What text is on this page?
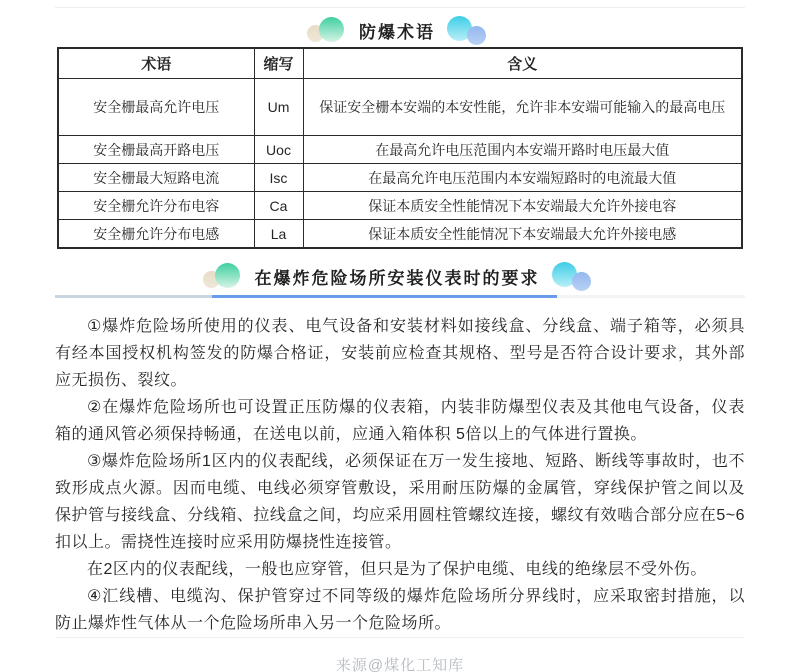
防爆术语
术语	缩写	含义
安全栅最高允许电压	Um	保证安全栅本安端的本安性能，允许非本安端可能输入的最高电压
安全栅最高开路电压	Uoc	在最高允许电压范围内本安端开路时电压最大值
安全栅最大短路电流	Isc	在最高允许电压范围内本安端短路时的电流最大值
安全栅允许分布电容	Ca	保证本质安全性能情况下本安端最大允许外接电容
安全栅允许分布电感	La	保证本质安全性能情况下本安端最大允许外接电感
在爆炸危险场所安装仪表时的要求

①爆炸危险场所使用的仪表、电气设备和安装材料如接线盒、分线盒、端子箱等，必须具有经本国授权机构签发的防爆合格证，安装前应检查其规格、型号是否符合设计要求，其外部应无损伤、裂纹。

②在爆炸危险场所也可设置正压防爆的仪表箱，内装非防爆型仪表及其他电气设备，仪表箱的通风管必须保持畅通，在送电以前，应通入箱体积 5倍以上的气体进行置换。

③爆炸危险场所1区内的仪表配线，必须保证在万一发生接地、短路、断线等事故时，也不致形成点火源。因而电缆、电线必须穿管敷设，采用耐压防爆的金属管，穿线保护管之间以及保护管与接线盒、分线箱、拉线盒之间，均应采用圆柱管螺纹连接，螺纹有效啮合部分应在5~6扣以上。需挠性连接时应采用防爆挠性连接管。

在2区内的仪表配线，一般也应穿管，但只是为了保护电缆、电线的绝缘层不受外伤。

④汇线槽、电缆沟、保护管穿过不同等级的爆炸危险场所分界线时，应采取密封措施，以防止爆炸性气体从一个危险场所串入另一个危险场所。

来源@煤化工知库
